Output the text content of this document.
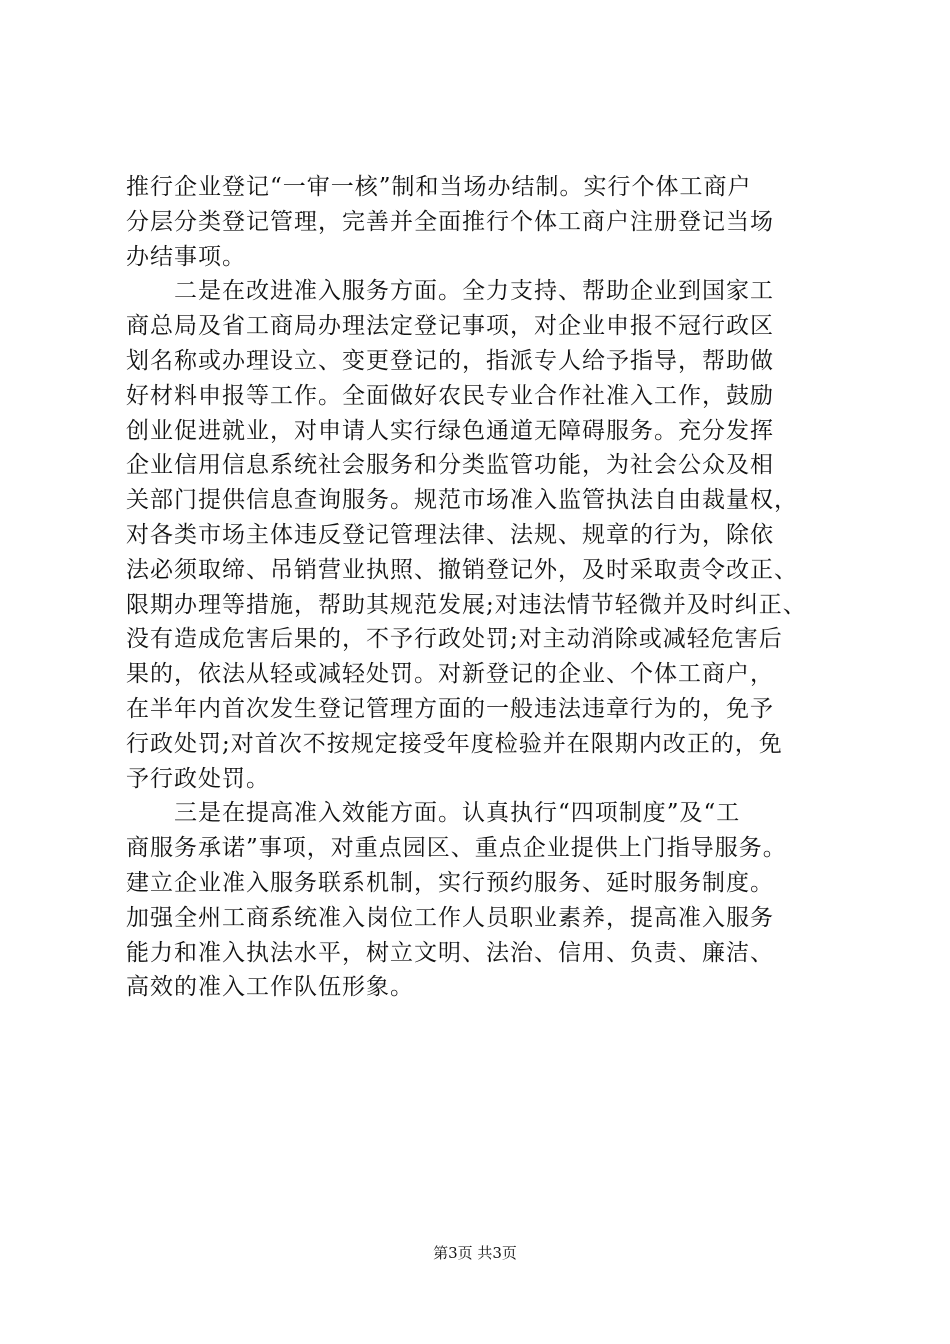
推行企业登记“一审一核”制和当场办结制。实行个体工商户
分层分类登记管理，完善并全面推行个体工商户注册登记当场
办结事项。
　　二是在改进准入服务方面。全力支持、帮助企业到国家工
商总局及省工商局办理法定登记事项，对企业申报不冠行政区
划名称或办理设立、变更登记的，指派专人给予指导，帮助做
好材料申报等工作。全面做好农民专业合作社准入工作，鼓励
创业促进就业，对申请人实行绿色通道无障碍服务。充分发挥
企业信用信息系统社会服务和分类监管功能，为社会公众及相
关部门提供信息查询服务。规范市场准入监管执法自由裁量权，
对各类市场主体违反登记管理法律、法规、规章的行为，除依
法必须取缔、吊销营业执照、撤销登记外，及时采取责令改正、
限期办理等措施，帮助其规范发展;对违法情节轻微并及时纠正、
没有造成危害后果的，不予行政处罚;对主动消除或减轻危害后
果的，依法从轻或减轻处罚。对新登记的企业、个体工商户，
在半年内首次发生登记管理方面的一般违法违章行为的，免予
行政处罚;对首次不按规定接受年度检验并在限期内改正的，免
予行政处罚。
　　三是在提高准入效能方面。认真执行“四项制度”及“工
商服务承诺”事项，对重点园区、重点企业提供上门指导服务。
建立企业准入服务联系机制，实行预约服务、延时服务制度。
加强全州工商系统准入岗位工作人员职业素养，提高准入服务
能力和准入执法水平，树立文明、法治、信用、负责、廉洁、
高效的准入工作队伍形象。
第3页 共3页
